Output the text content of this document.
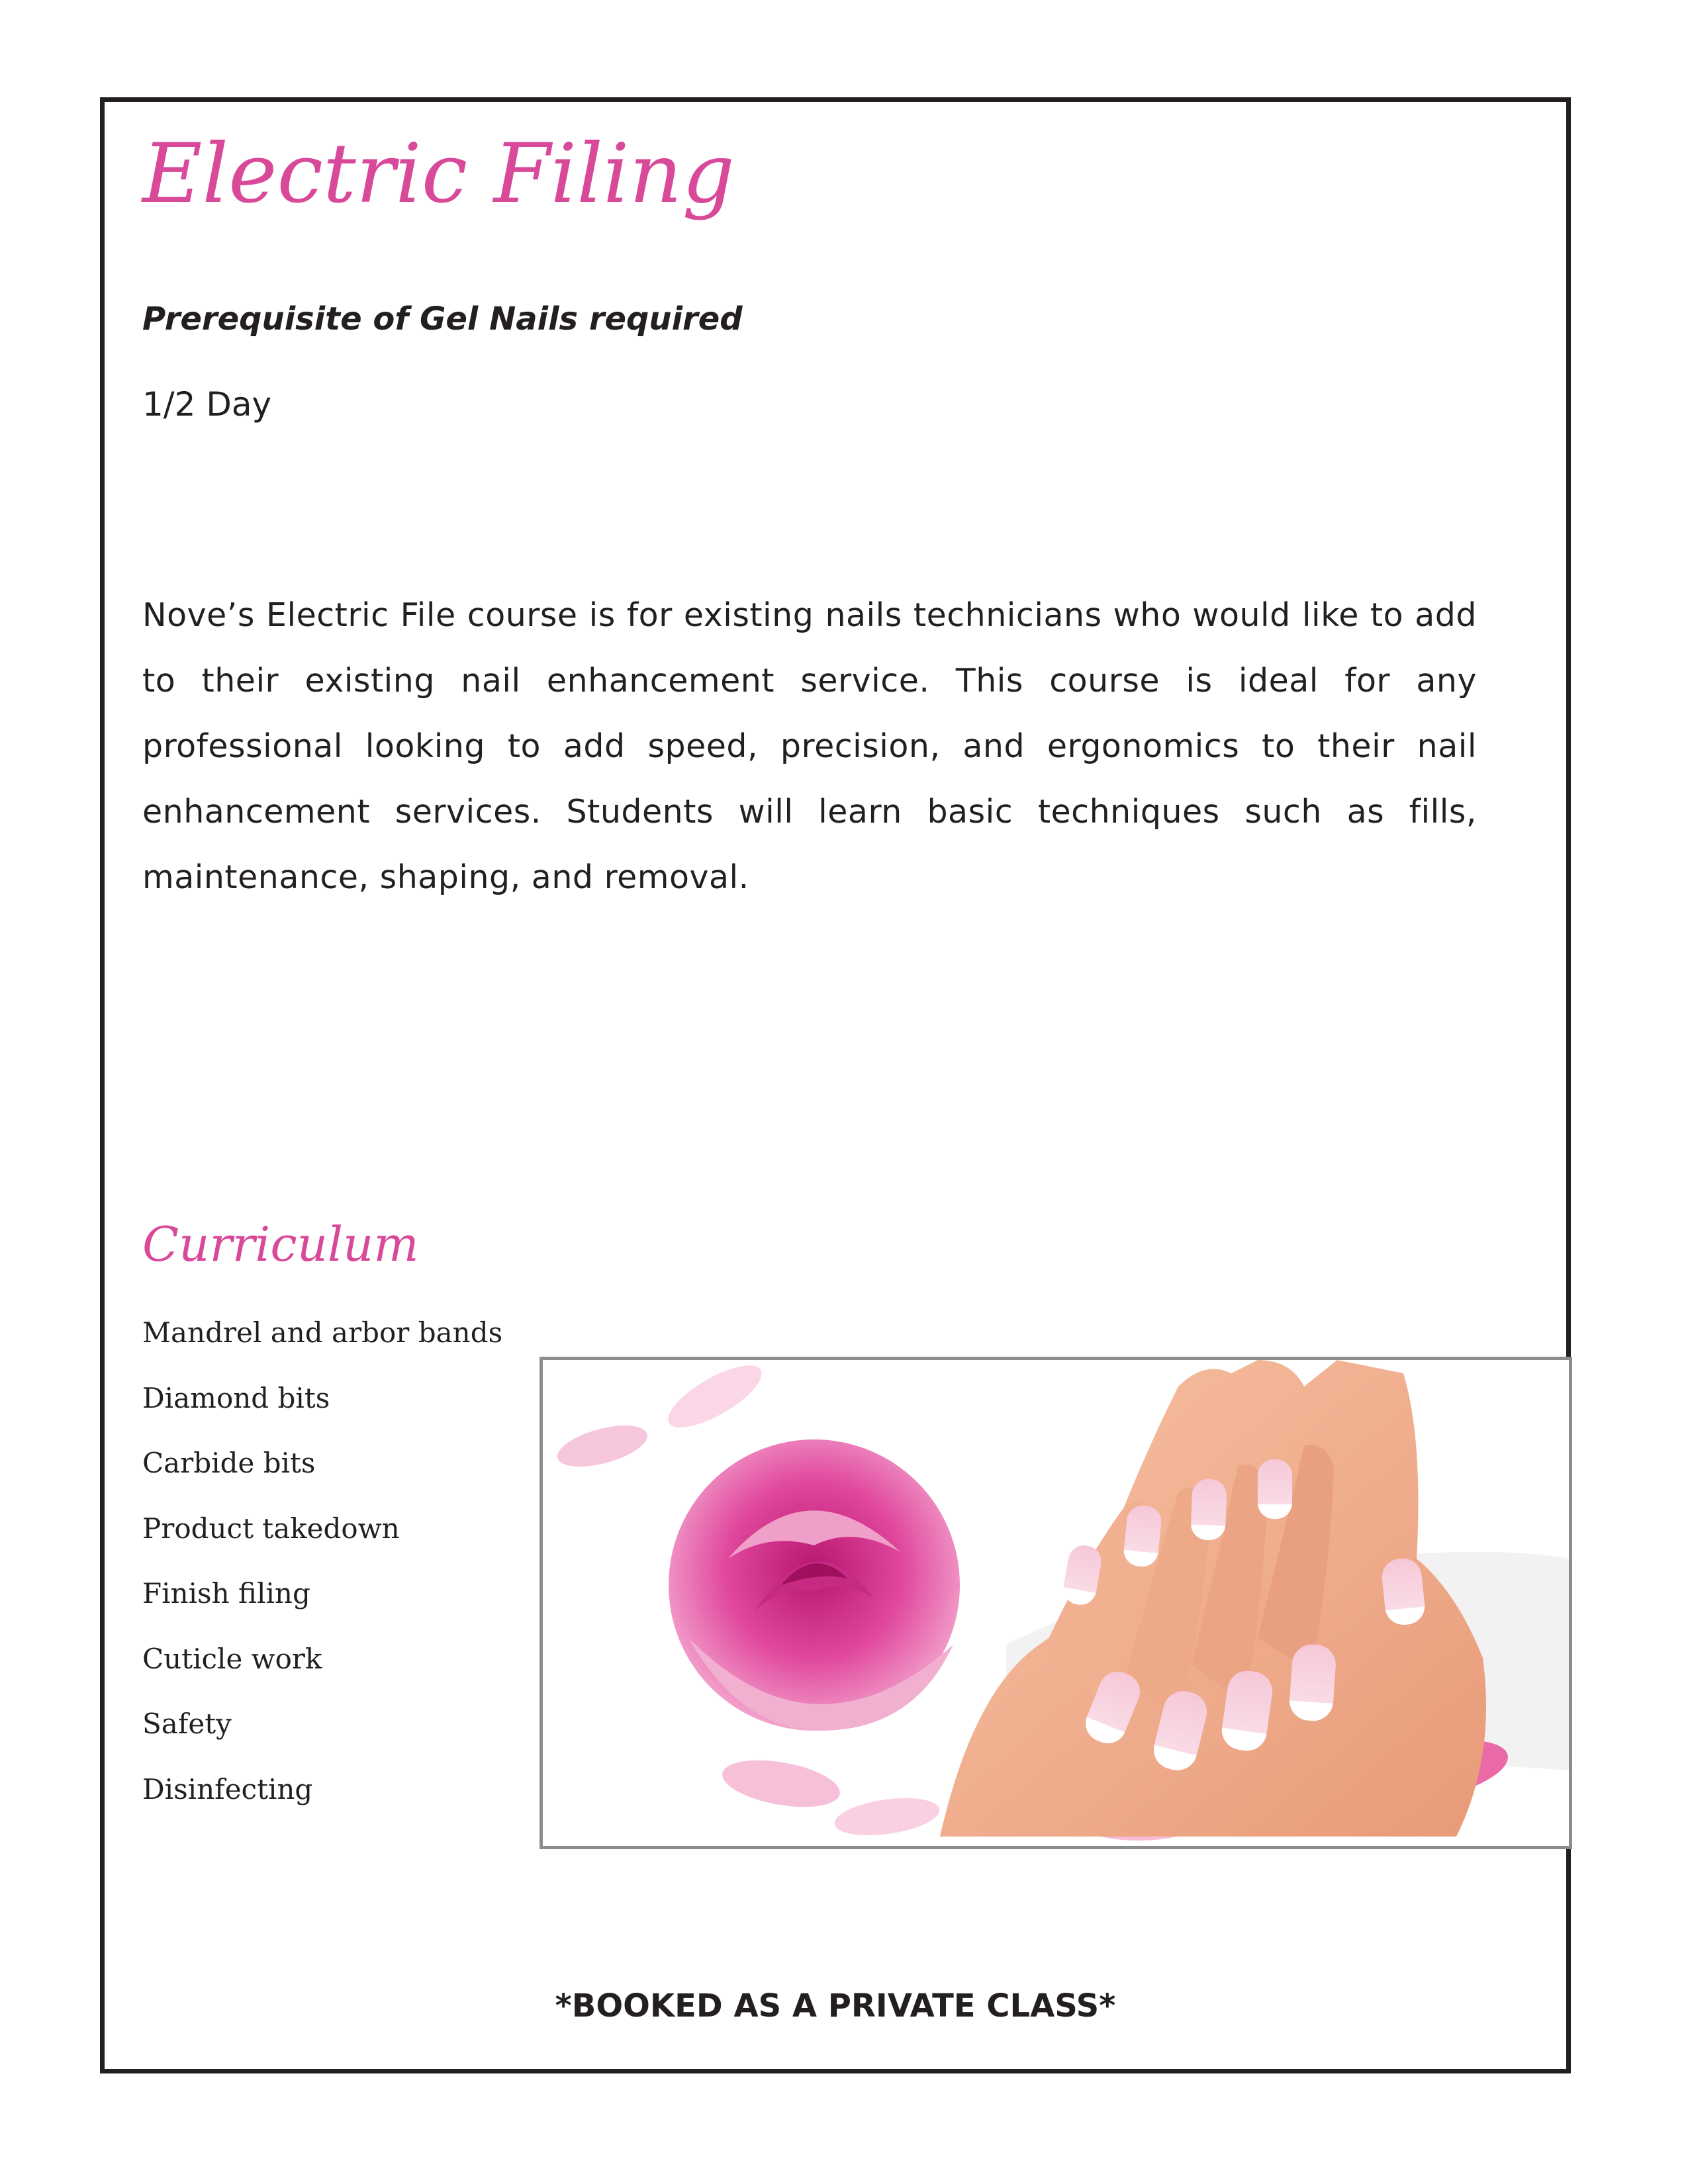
Electric Filing

Prerequisite of Gel Nails required

1/2 Day

Nove’s Electric File course is for existing nails technicians who would like to add to their existing nail enhancement service. This course is ideal for any professional looking to add speed, precision, and ergonomics to their nail enhancement services. Students will learn basic techniques such as fills, maintenance, shaping, and removal.

Curriculum
Mandrel and arbor bands
Diamond bits
Carbide bits
Product takedown
Finish filing
Cuticle work
Safety
Disinfecting

*BOOKED AS A PRIVATE CLASS*
